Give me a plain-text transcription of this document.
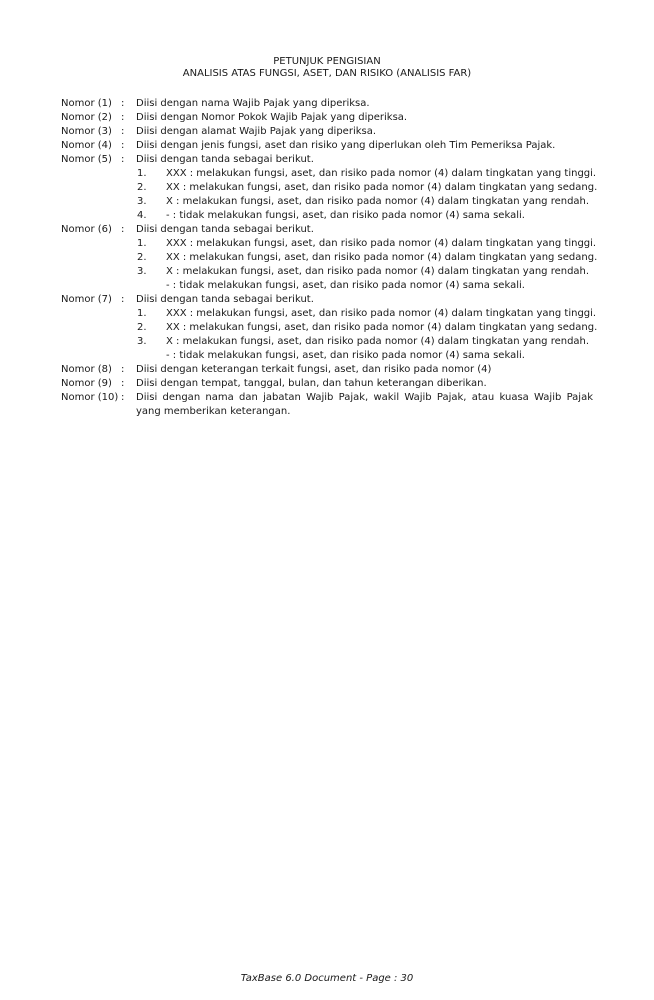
PETUNJUK PENGISIAN
ANALISIS ATAS FUNGSI, ASET, DAN RISIKO (ANALISIS FAR)
Nomor (1) :	Diisi dengan nama Wajib Pajak yang diperiksa.
Nomor (2) :	Diisi dengan Nomor Pokok Wajib Pajak yang diperiksa.
Nomor (3) :	Diisi dengan alamat Wajib Pajak yang diperiksa.
Nomor (4) :	Diisi dengan jenis fungsi, aset dan risiko yang diperlukan oleh Tim Pemeriksa Pajak.
Nomor (5) :	Diisi dengan tanda sebagai berikut.
1.	XXX : melakukan fungsi, aset, dan risiko pada nomor (4) dalam tingkatan yang tinggi.
2.	XX : melakukan fungsi, aset, dan risiko pada nomor (4) dalam tingkatan yang sedang.
3.	X : melakukan fungsi, aset, dan risiko pada nomor (4) dalam tingkatan yang rendah.
4.	- : tidak melakukan fungsi, aset, dan risiko pada nomor (4) sama sekali.
Nomor (6) :	Diisi dengan tanda sebagai berikut.
1.	XXX : melakukan fungsi, aset, dan risiko pada nomor (4) dalam tingkatan yang tinggi.
2.	XX : melakukan fungsi, aset, dan risiko pada nomor (4) dalam tingkatan yang sedang.
3.	X : melakukan fungsi, aset, dan risiko pada nomor (4) dalam tingkatan yang rendah.
- : tidak melakukan fungsi, aset, dan risiko pada nomor (4) sama sekali.
Nomor (7) :	Diisi dengan tanda sebagai berikut.
1.	XXX : melakukan fungsi, aset, dan risiko pada nomor (4) dalam tingkatan yang tinggi.
2.	XX : melakukan fungsi, aset, dan risiko pada nomor (4) dalam tingkatan yang sedang.
3.	X : melakukan fungsi, aset, dan risiko pada nomor (4) dalam tingkatan yang rendah.
- : tidak melakukan fungsi, aset, dan risiko pada nomor (4) sama sekali.
Nomor (8) :	Diisi dengan keterangan terkait fungsi, aset, dan risiko pada nomor (4)
Nomor (9) :	Diisi dengan tempat, tanggal, bulan, dan tahun keterangan diberikan.
Nomor (10) :	Diisi dengan nama dan jabatan Wajib Pajak, wakil Wajib Pajak, atau kuasa Wajib Pajak yang memberikan keterangan.
TaxBase 6.0 Document - Page : 30
